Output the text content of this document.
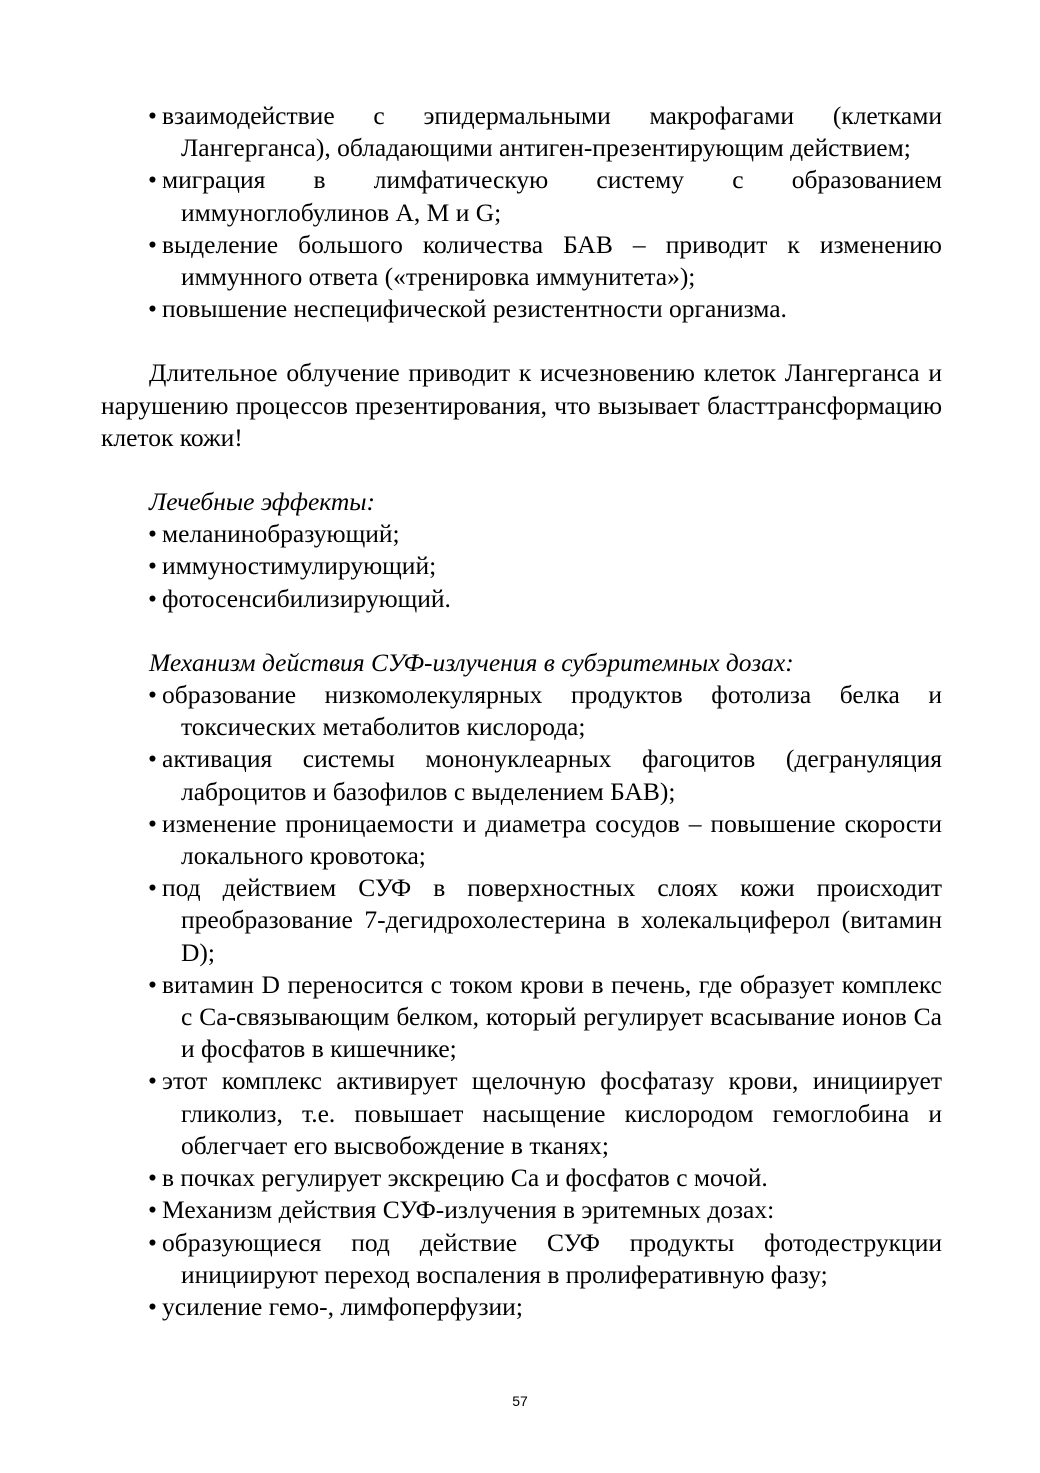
• взаимодействие с эпидермальными макрофагами (клетками Лангерганса), обладающими антиген-презентирующим действием;
• миграция в лимфатическую систему с образованием иммуноглобулинов А, M и G;
• выделение большого количества БАВ – приводит к изменению иммунного ответа («тренировка иммунитета»);
• повышение неспецифической резистентности организма.

Длительное облучение приводит к исчезновению клеток Лангерганса и нарушению процессов презентирования, что вызывает бласттрансформацию клеток кожи!

Лечебные эффекты:

• меланинобразующий;
• иммуностимулирующий;
• фотосенсибилизирующий.

Механизм действия СУФ-излучения в субэритемных дозах:

• образование низкомолекулярных продуктов фотолиза белка и токсических метаболитов кислорода;
• активация системы мононуклеарных фагоцитов (дегрануляция лаброцитов и базофилов с выделением БАВ);
• изменение проницаемости и диаметра сосудов – повышение скорости локального кровотока;
• под действием СУФ в поверхностных слоях кожи происходит преобразование 7-дегидрохолестерина в холекальциферол (витамин D);
• витамин D переносится с током крови в печень, где образует комплекс с Са-связывающим белком, который регулирует всасывание ионов Са и фосфатов в кишечнике;
• этот комплекс активирует щелочную фосфатазу крови, инициирует гликолиз, т.е. повышает насыщение кислородом гемоглобина и облегчает его высвобождение в тканях;
• в почках регулирует экскрецию Са и фосфатов с мочой.
• Механизм действия СУФ-излучения в эритемных дозах:
• образующиеся под действие СУФ продукты фотодеструкции инициируют переход воспаления в пролиферативную фазу;
• усиление гемо-, лимфоперфузии;
57
